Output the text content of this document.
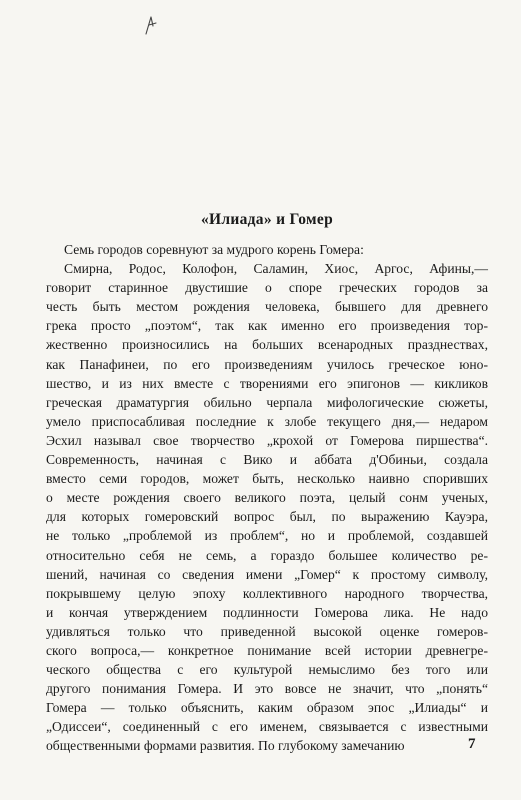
«Илиада» и Гомер
Семь городов соревнуют за мудрого корень Гомера:
Смирна, Родос, Колофон, Саламин, Хиос, Аргос, Афины,—
говорит старинное двустишие о споре греческих городов за
честь быть местом рождения человека, бывшего для древнего
грека просто „поэтом“, так как именно его произведения тор-
жественно произносились на больших всенародных празднествах,
как Панафинеи, по его произведениям училось греческое юно-
шество, и из них вместе с творениями его эпигонов — кикликов
греческая драматургия обильно черпала мифологические сюжеты,
умело приспосабливая последние к злобе текущего дня,— недаром
Эсхил называл свое творчество „крохой от Гомерова пиршества“.
Современность, начиная с Вико и аббата д'Обиньи, создала
вместо семи городов, может быть, несколько наивно споривших
о месте рождения своего великого поэта, целый сонм ученых,
для которых гомеровский вопрос был, по выражению Кауэра,
не только „проблемой из проблем“, но и проблемой, создавшей
относительно себя не семь, а гораздо большее количество ре-
шений, начиная со сведения имени „Гомер“ к простому символу,
покрывшему целую эпоху коллективного народного творчества,
и кончая утверждением подлинности Гомерова лика. Не надо
удивляться только что приведенной высокой оценке гомеров-
ского вопроса,— конкретное понимание всей истории древнегре-
ческого общества с его культурой немыслимо без того или
другого понимания Гомера. И это вовсе не значит, что „понять“
Гомера — только объяснить, каким образом эпос „Илиады“ и
„Одиссеи“, соединенный с его именем, связывается с известными
общественными формами развития. По глубокому замечанию	7
